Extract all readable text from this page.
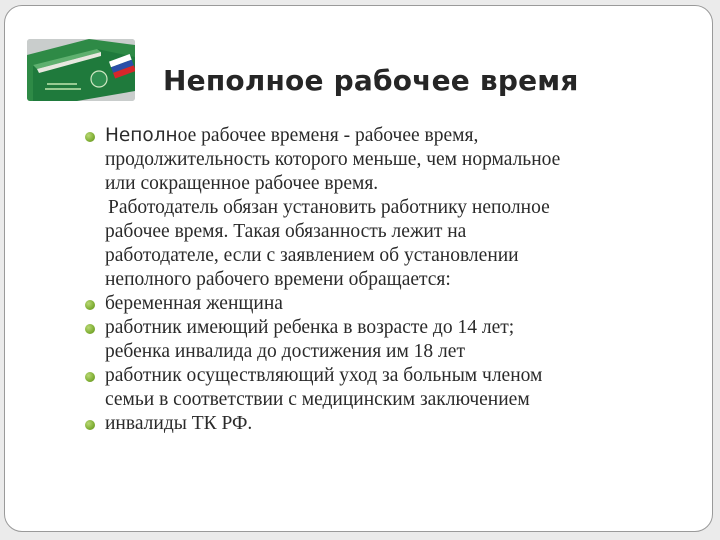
Неполное рабочее время
Неполное рабочее временя - рабочее время,
продолжительность которого меньше, чем нормальное
или сокращенное рабочее время.
Работодатель обязан установить работнику неполное
рабочее время. Такая обязанность лежит на
работодателе, если с заявлением об установлении
неполного рабочего времени обращается:
беременная женщина
работник имеющий ребенка в возрасте до 14 лет;
ребенка инвалида до достижения им 18 лет
работник осуществляющий уход за больным членом
семьи в соответствии с медицинским заключением
инвалиды ТК РФ.
